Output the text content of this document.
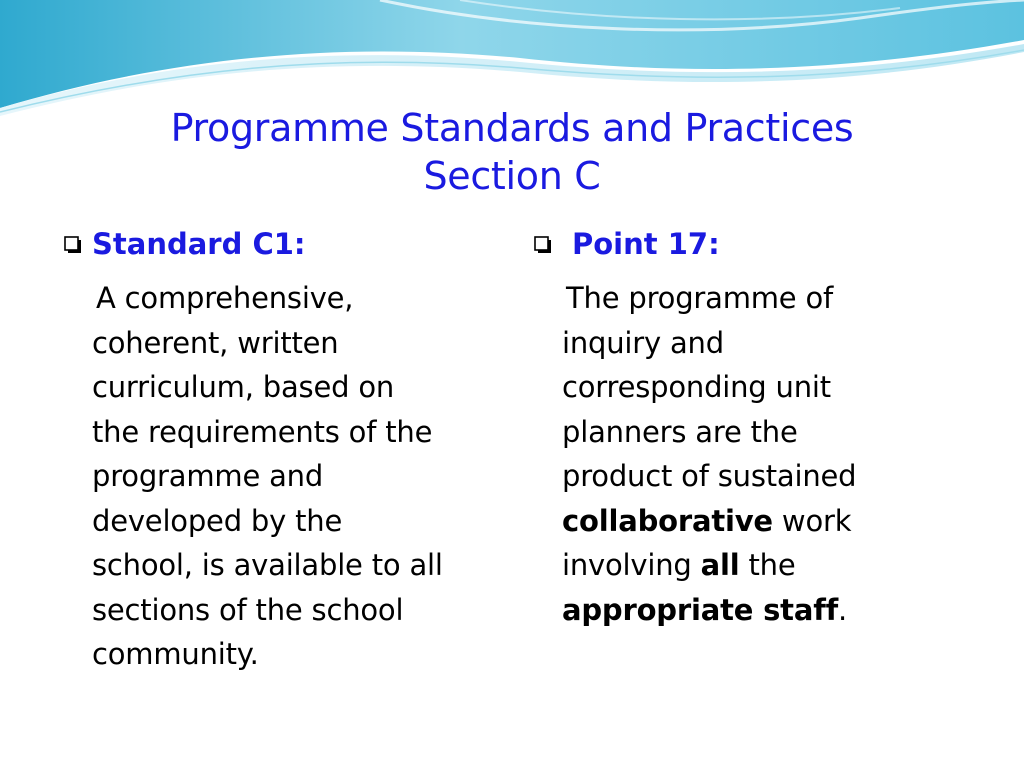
Programme Standards and Practices
Section C
Standard C1:
A comprehensive,
coherent, written
curriculum, based on
the requirements of the
programme and
developed by the
school, is available to all
sections of the school
community.
Point 17:
The programme of
inquiry and
corresponding unit
planners are the
product of sustained
collaborative work
involving all the
appropriate staff.
